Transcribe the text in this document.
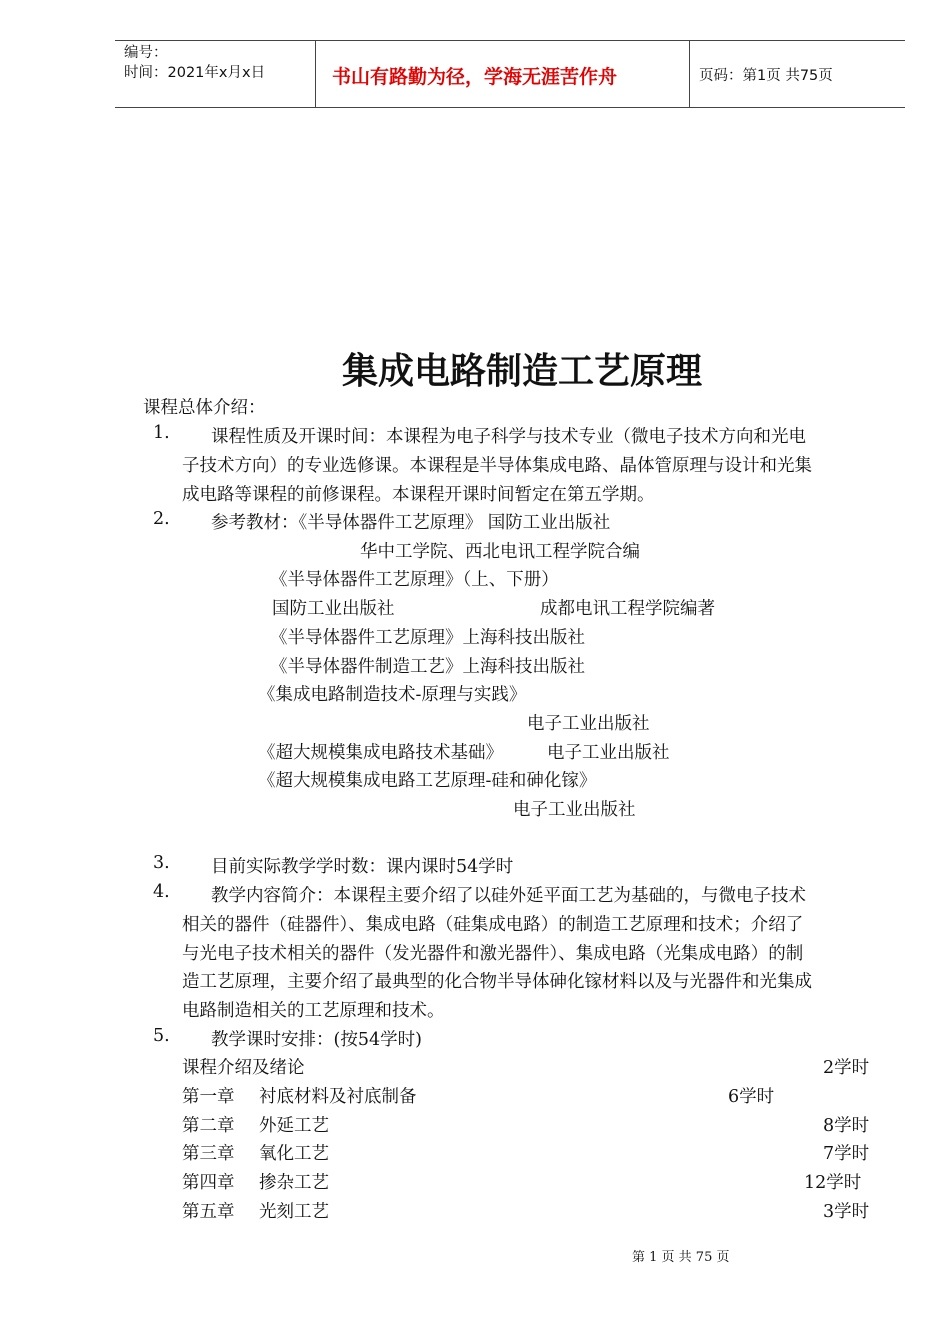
编号：
时间：2021年x月x日	书山有路勤为径，学海无涯苦作舟	页码：第1页 共75页
集成电路制造工艺原理
课程总体介绍：
1. 课程性质及开课时间：本课程为电子科学与技术专业（微电子技术方向和光电
子技术方向）的专业选修课。本课程是半导体集成电路、晶体管原理与设计和光集
成电路等课程的前修课程。本课程开课时间暂定在第五学期。
2. 参考教材：《半导体器件工艺原理》 国防工业出版社
华中工学院、西北电讯工程学院合编
《半导体器件工艺原理》（上、下册）
国防工业出版社	成都电讯工程学院编著
《半导体器件工艺原理》上海科技出版社
《半导体器件制造工艺》上海科技出版社
《集成电路制造技术-原理与实践》
电子工业出版社
《超大规模集成电路技术基础》	电子工业出版社
《超大规模集成电路工艺原理-硅和砷化镓》
电子工业出版社
3. 目前实际教学学时数：课内课时54学时
4. 教学内容简介：本课程主要介绍了以硅外延平面工艺为基础的，与微电子技术
相关的器件（硅器件）、集成电路（硅集成电路）的制造工艺原理和技术；介绍了
与光电子技术相关的器件（发光器件和激光器件）、集成电路（光集成电路）的制
造工艺原理，主要介绍了最典型的化合物半导体砷化镓材料以及与光器件和光集成
电路制造相关的工艺原理和技术。
5. 教学课时安排：(按54学时)
课程介绍及绪论	2学时
第一章 衬底材料及衬底制备	6学时
第二章 外延工艺	8学时
第三章 氧化工艺	7学时
第四章 掺杂工艺	12学时
第五章 光刻工艺	3学时
第 1 页 共 75 页
